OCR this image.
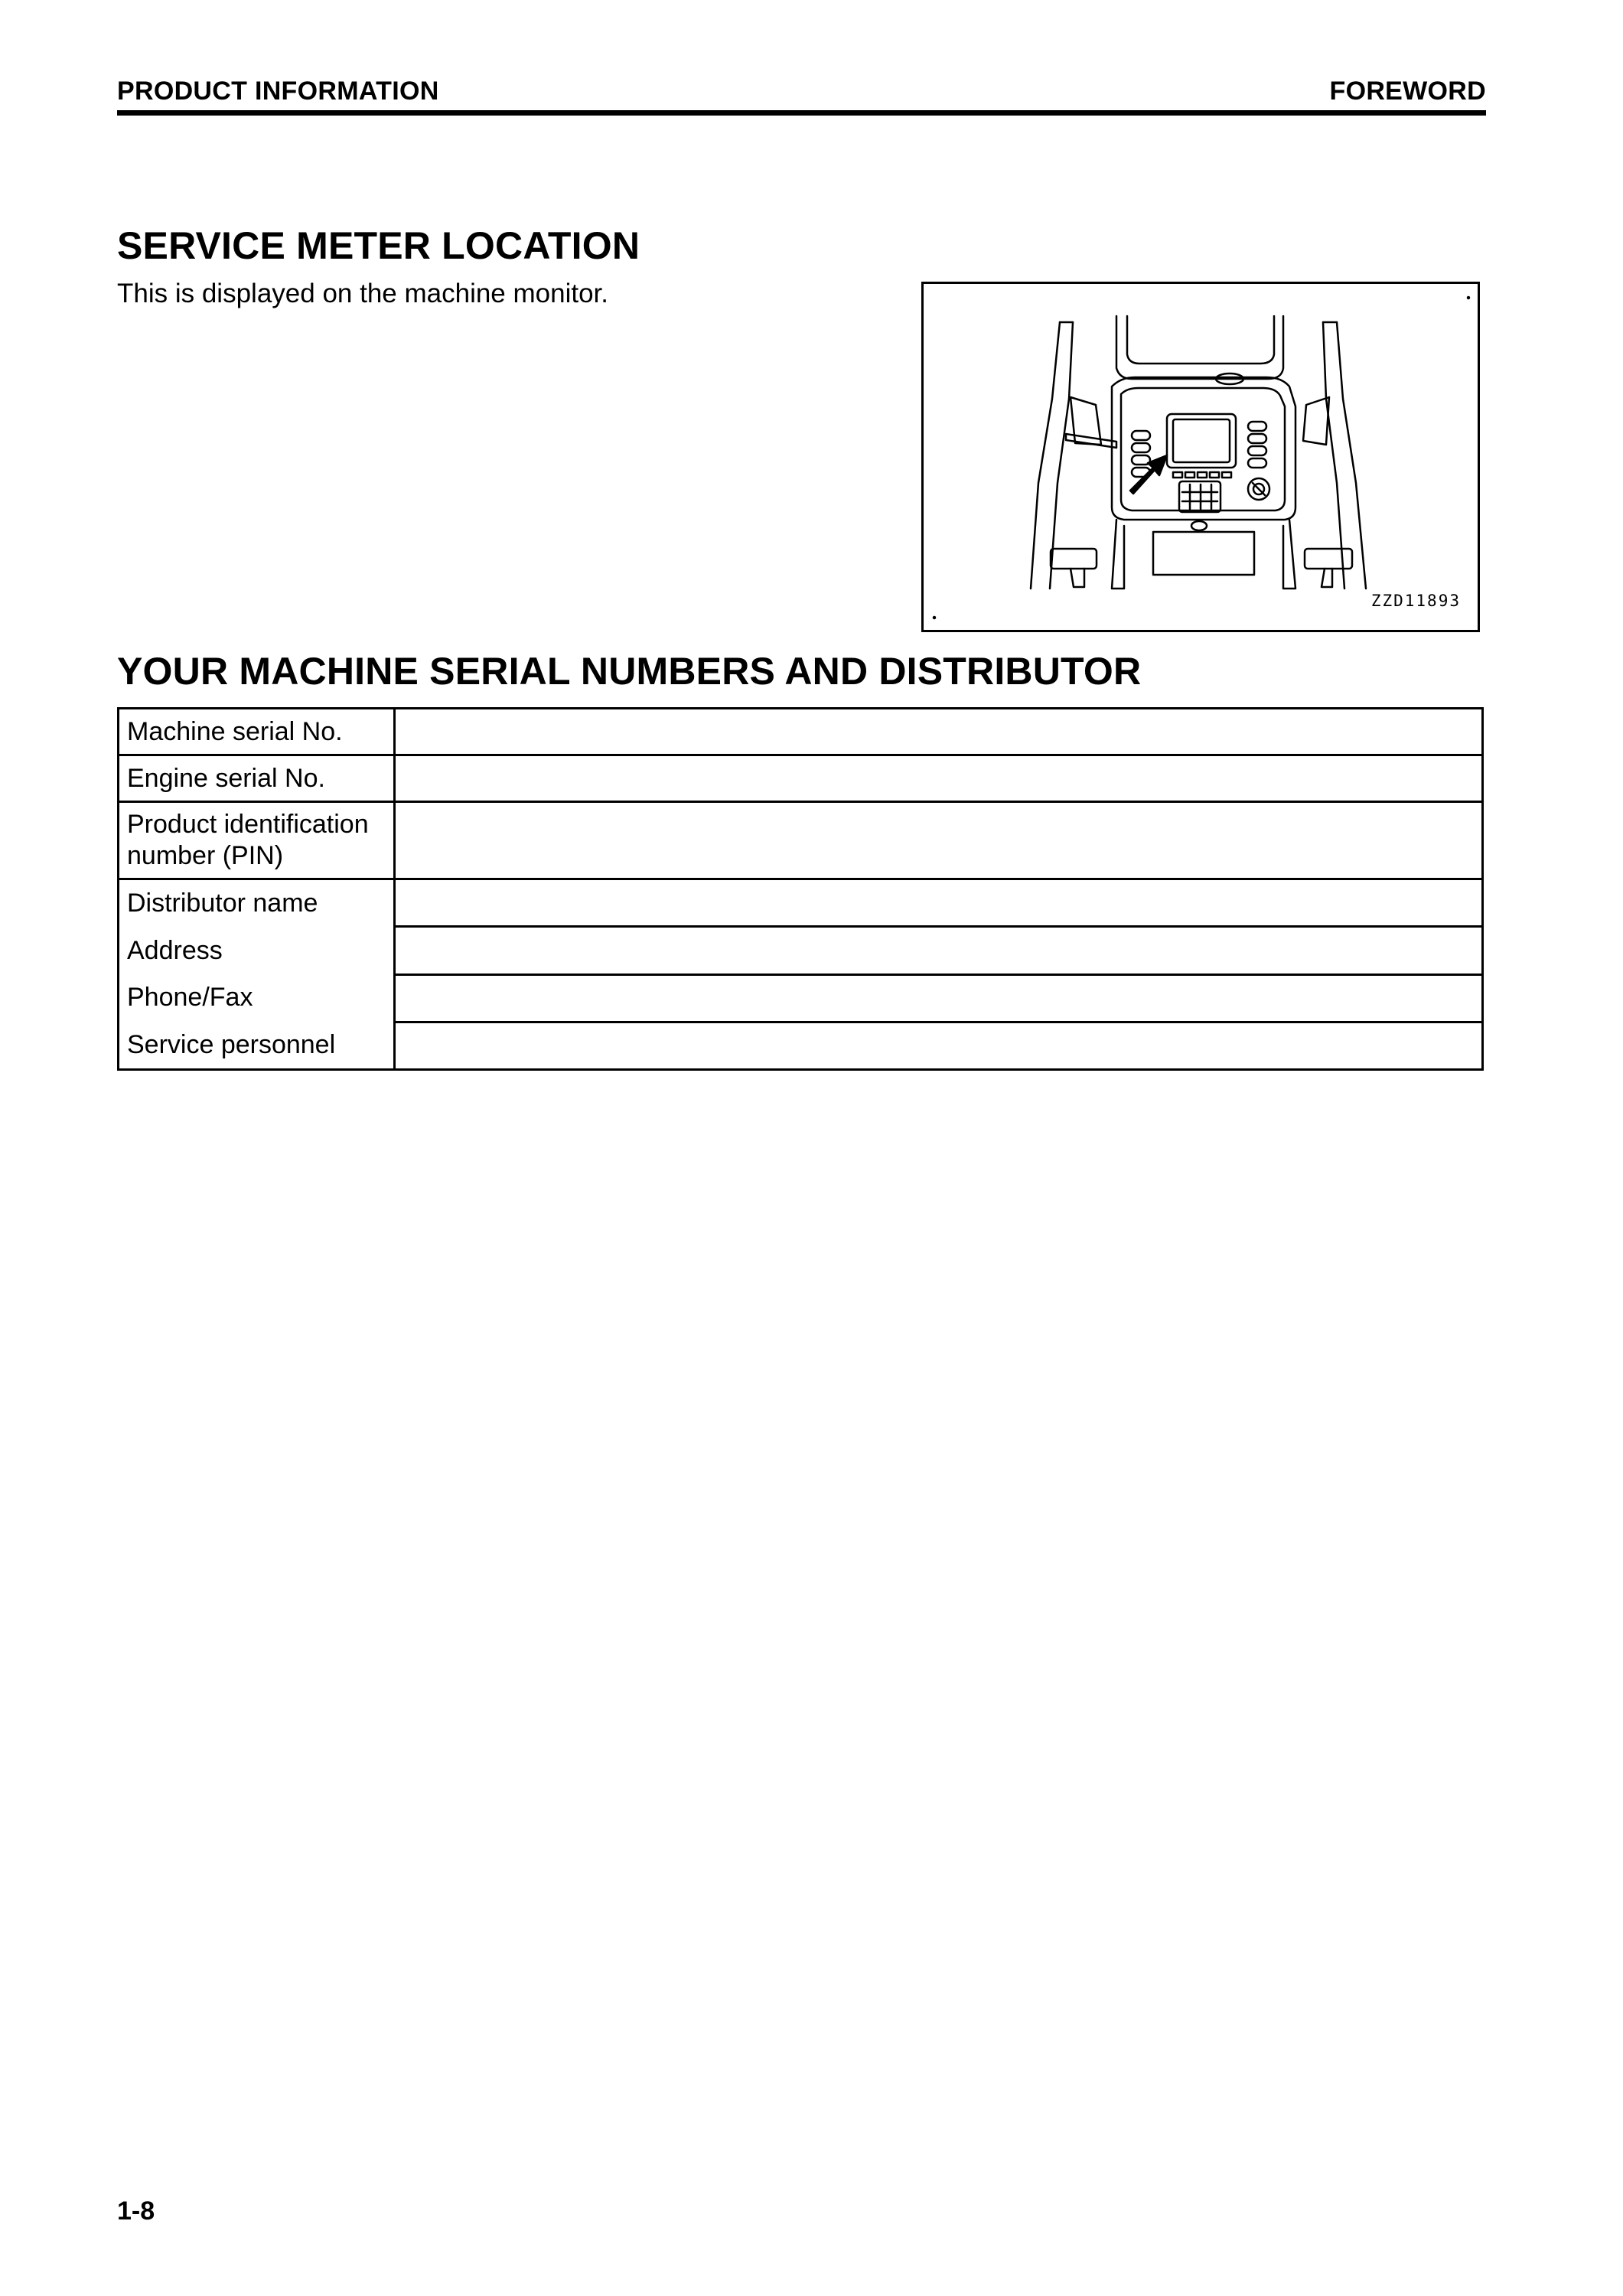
PRODUCT INFORMATION	FOREWORD
SERVICE METER LOCATION

This is displayed on the machine monitor.

ZZD11893
YOUR MACHINE SERIAL NUMBERS AND DISTRIBUTOR
Machine serial No.	
Engine serial No.	
Product identification number (PIN)	

Distributor name
Address
Phone/Fax
Service personnel	

1-8
